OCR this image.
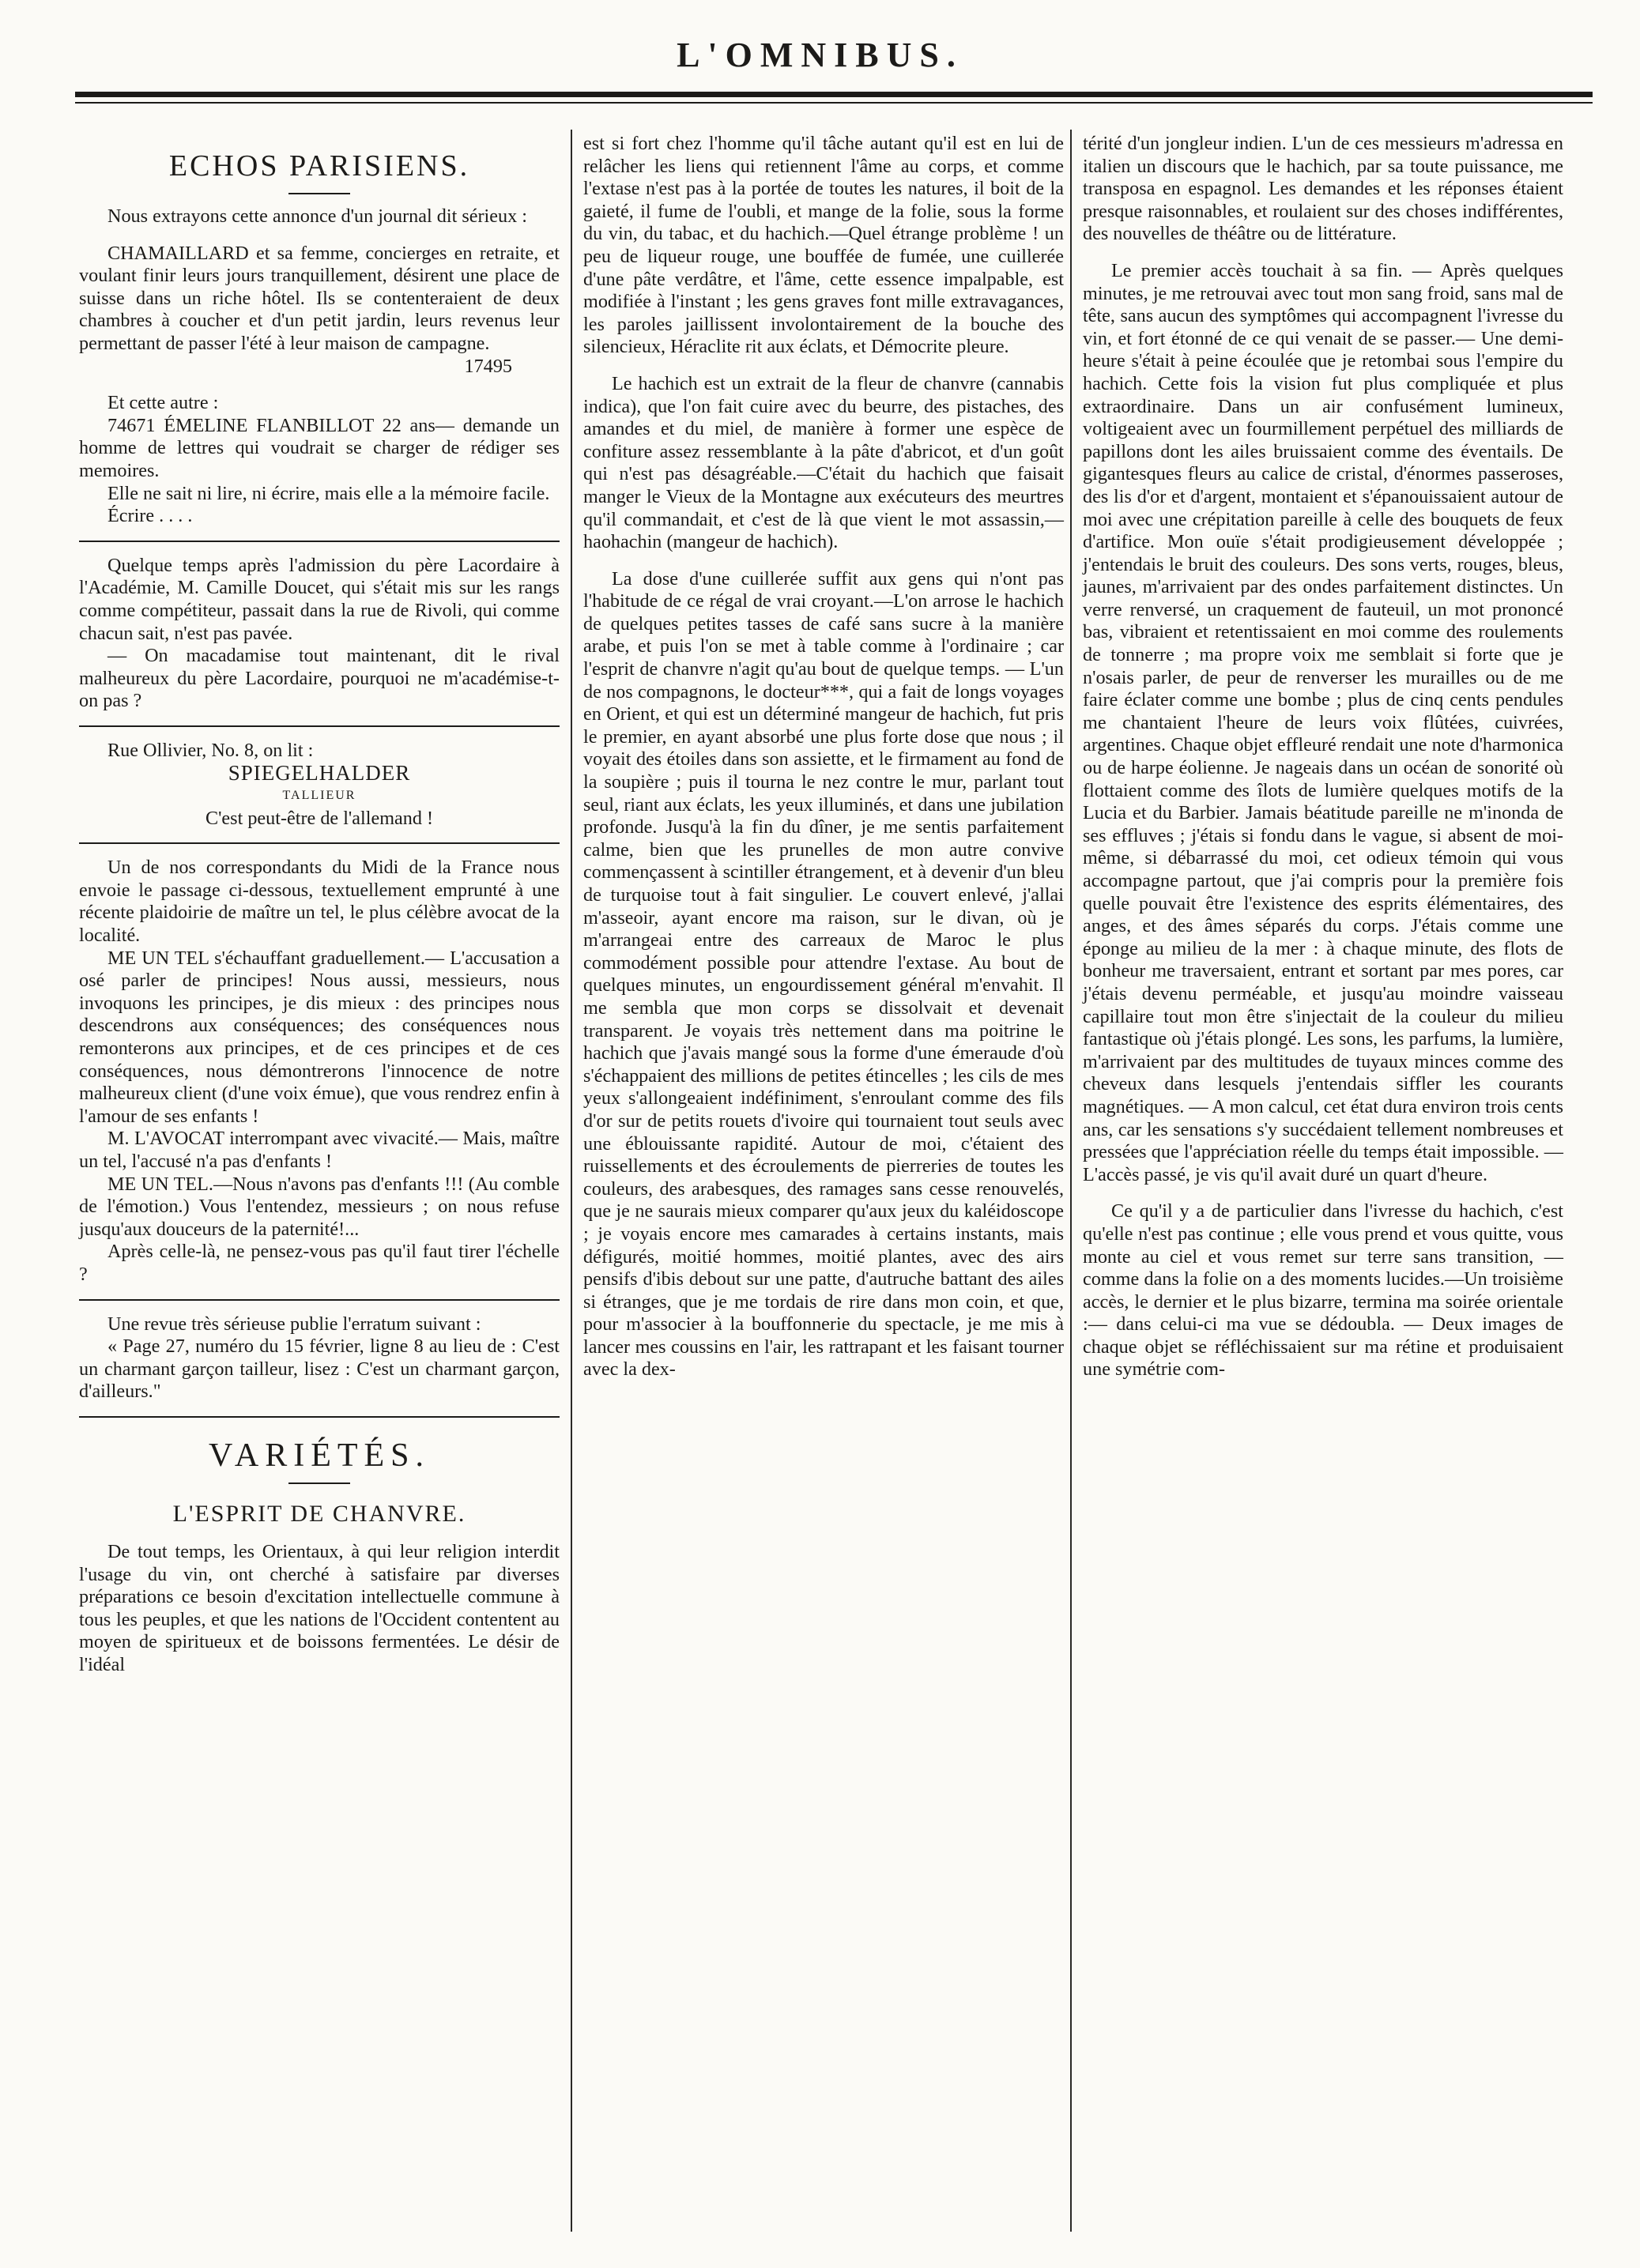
L'OMNIBUS.
ECHOS PARISIENS.

Nous extrayons cette annonce d'un journal dit sérieux :

CHAMAILLARD et sa femme, concierges en retraite, et voulant finir leurs jours tranquillement, désirent une place de suisse dans un riche hôtel. Ils se contenteraient de deux chambres à coucher et d'un petit jardin, leurs revenus leur permettant de passer l'été à leur maison de campagne.

17495

Et cette autre :

74671 ÉMELINE FLANBILLOT 22 ans— demande un homme de lettres qui voudrait se charger de rédiger ses memoires.

Elle ne sait ni lire, ni écrire, mais elle a la mémoire facile.

Écrire . . . .

Quelque temps après l'admission du père Lacordaire à l'Académie, M. Camille Doucet, qui s'était mis sur les rangs comme compétiteur, passait dans la rue de Rivoli, qui comme chacun sait, n'est pas pavée.

— On macadamise tout maintenant, dit le rival malheureux du père Lacordaire, pourquoi ne m'académise-t-on pas ?

Rue Ollivier, No. 8, on lit :

SPIEGELHALDER

TALLIEUR

C'est peut-être de l'allemand !

Un de nos correspondants du Midi de la France nous envoie le passage ci-dessous, textuellement emprunté à une récente plaidoirie de maître un tel, le plus célèbre avocat de la localité.

ME UN TEL s'échauffant graduellement.— L'accusation a osé parler de principes! Nous aussi, messieurs, nous invoquons les principes, je dis mieux : des principes nous descendrons aux conséquences; des conséquences nous remonterons aux principes, et de ces principes et de ces conséquences, nous démontrerons l'innocence de notre malheureux client (d'une voix émue), que vous rendrez enfin à l'amour de ses enfants !

M. L'AVOCAT interrompant avec vivacité.— Mais, maître un tel, l'accusé n'a pas d'enfants !

ME UN TEL.—Nous n'avons pas d'enfants !!! (Au comble de l'émotion.) Vous l'entendez, messieurs ; on nous refuse jusqu'aux douceurs de la paternité!...

Après celle-là, ne pensez-vous pas qu'il faut tirer l'échelle ?

Une revue très sérieuse publie l'erratum suivant :

« Page 27, numéro du 15 février, ligne 8 au lieu de : C'est un charmant garçon tailleur, lisez : C'est un charmant garçon, d'ailleurs."

VARIÉTÉS.
L'ESPRIT DE CHANVRE.

De tout temps, les Orientaux, à qui leur religion interdit l'usage du vin, ont cherché à satisfaire par diverses préparations ce besoin d'excitation intellectuelle commune à tous les peuples, et que les nations de l'Occident contentent au moyen de spiritueux et de boissons fermentées. Le désir de l'idéal

est si fort chez l'homme qu'il tâche autant qu'il est en lui de relâcher les liens qui retiennent l'âme au corps, et comme l'extase n'est pas à la portée de toutes les natures, il boit de la gaieté, il fume de l'oubli, et mange de la folie, sous la forme du vin, du tabac, et du hachich.—Quel étrange problème ! un peu de liqueur rouge, une bouffée de fumée, une cuillerée d'une pâte verdâtre, et l'âme, cette essence impalpable, est modifiée à l'instant ; les gens graves font mille extravagances, les paroles jaillissent involontairement de la bouche des silencieux, Héraclite rit aux éclats, et Démocrite pleure.

Le hachich est un extrait de la fleur de chanvre (cannabis indica), que l'on fait cuire avec du beurre, des pistaches, des amandes et du miel, de manière à former une espèce de confiture assez ressemblante à la pâte d'abricot, et d'un goût qui n'est pas désagréable.—C'était du hachich que faisait manger le Vieux de la Montagne aux exécuteurs des meurtres qu'il commandait, et c'est de là que vient le mot assassin,—haohachin (mangeur de hachich).

La dose d'une cuillerée suffit aux gens qui n'ont pas l'habitude de ce régal de vrai croyant.—L'on arrose le hachich de quelques petites tasses de café sans sucre à la manière arabe, et puis l'on se met à table comme à l'ordinaire ; car l'esprit de chanvre n'agit qu'au bout de quelque temps. — L'un de nos compagnons, le docteur***, qui a fait de longs voyages en Orient, et qui est un déterminé mangeur de hachich, fut pris le premier, en ayant absorbé une plus forte dose que nous ; il voyait des étoiles dans son assiette, et le firmament au fond de la soupière ; puis il tourna le nez contre le mur, parlant tout seul, riant aux éclats, les yeux illuminés, et dans une jubilation profonde. Jusqu'à la fin du dîner, je me sentis parfaitement calme, bien que les prunelles de mon autre convive commençassent à scintiller étrangement, et à devenir d'un bleu de turquoise tout à fait singulier. Le couvert enlevé, j'allai m'asseoir, ayant encore ma raison, sur le divan, où je m'arrangeai entre des carreaux de Maroc le plus commodément possible pour attendre l'extase. Au bout de quelques minutes, un engourdissement général m'envahit. Il me sembla que mon corps se dissolvait et devenait transparent. Je voyais très nettement dans ma poitrine le hachich que j'avais mangé sous la forme d'une émeraude d'où s'échappaient des millions de petites étincelles ; les cils de mes yeux s'allongeaient indéfiniment, s'enroulant comme des fils d'or sur de petits rouets d'ivoire qui tournaient tout seuls avec une éblouissante rapidité. Autour de moi, c'étaient des ruissellements et des écroulements de pierreries de toutes les couleurs, des arabesques, des ramages sans cesse renouvelés, que je ne saurais mieux comparer qu'aux jeux du kaléidoscope ; je voyais encore mes camarades à certains instants, mais défigurés, moitié hommes, moitié plantes, avec des airs pensifs d'ibis debout sur une patte, d'autruche battant des ailes si étranges, que je me tordais de rire dans mon coin, et que, pour m'associer à la bouffonnerie du spectacle, je me mis à lancer mes coussins en l'air, les rattrapant et les faisant tourner avec la dex-

térité d'un jongleur indien. L'un de ces messieurs m'adressa en italien un discours que le hachich, par sa toute puissance, me transposa en espagnol. Les demandes et les réponses étaient presque raisonnables, et roulaient sur des choses indifférentes, des nouvelles de théâtre ou de littérature.

Le premier accès touchait à sa fin. — Après quelques minutes, je me retrouvai avec tout mon sang froid, sans mal de tête, sans aucun des symptômes qui accompagnent l'ivresse du vin, et fort étonné de ce qui venait de se passer.— Une demi-heure s'était à peine écoulée que je retombai sous l'empire du hachich. Cette fois la vision fut plus compliquée et plus extraordinaire. Dans un air confusément lumineux, voltigeaient avec un fourmillement perpétuel des milliards de papillons dont les ailes bruissaient comme des éventails. De gigantesques fleurs au calice de cristal, d'énormes passeroses, des lis d'or et d'argent, montaient et s'épanouissaient autour de moi avec une crépitation pareille à celle des bouquets de feux d'artifice. Mon ouïe s'était prodigieusement développée ; j'entendais le bruit des couleurs. Des sons verts, rouges, bleus, jaunes, m'arrivaient par des ondes parfaitement distinctes. Un verre renversé, un craquement de fauteuil, un mot prononcé bas, vibraient et retentissaient en moi comme des roulements de tonnerre ; ma propre voix me semblait si forte que je n'osais parler, de peur de renverser les murailles ou de me faire éclater comme une bombe ; plus de cinq cents pendules me chantaient l'heure de leurs voix flûtées, cuivrées, argentines. Chaque objet effleuré rendait une note d'harmonica ou de harpe éolienne. Je nageais dans un océan de sonorité où flottaient comme des îlots de lumière quelques motifs de la Lucia et du Barbier. Jamais béatitude pareille ne m'inonda de ses effluves ; j'étais si fondu dans le vague, si absent de moi-même, si débarrassé du moi, cet odieux témoin qui vous accompagne partout, que j'ai compris pour la première fois quelle pouvait être l'existence des esprits élémentaires, des anges, et des âmes séparés du corps. J'étais comme une éponge au milieu de la mer : à chaque minute, des flots de bonheur me traversaient, entrant et sortant par mes pores, car j'étais devenu perméable, et jusqu'au moindre vaisseau capillaire tout mon être s'injectait de la couleur du milieu fantastique où j'étais plongé. Les sons, les parfums, la lumière, m'arrivaient par des multitudes de tuyaux minces comme des cheveux dans lesquels j'entendais siffler les courants magnétiques. — A mon calcul, cet état dura environ trois cents ans, car les sensations s'y succédaient tellement nombreuses et pressées que l'appréciation réelle du temps était impossible. — L'accès passé, je vis qu'il avait duré un quart d'heure.

Ce qu'il y a de particulier dans l'ivresse du hachich, c'est qu'elle n'est pas continue ; elle vous prend et vous quitte, vous monte au ciel et vous remet sur terre sans transition, — comme dans la folie on a des moments lucides.—Un troisième accès, le dernier et le plus bizarre, termina ma soirée orientale :— dans celui-ci ma vue se dédoubla. — Deux images de chaque objet se réfléchissaient sur ma rétine et produisaient une symétrie com-
